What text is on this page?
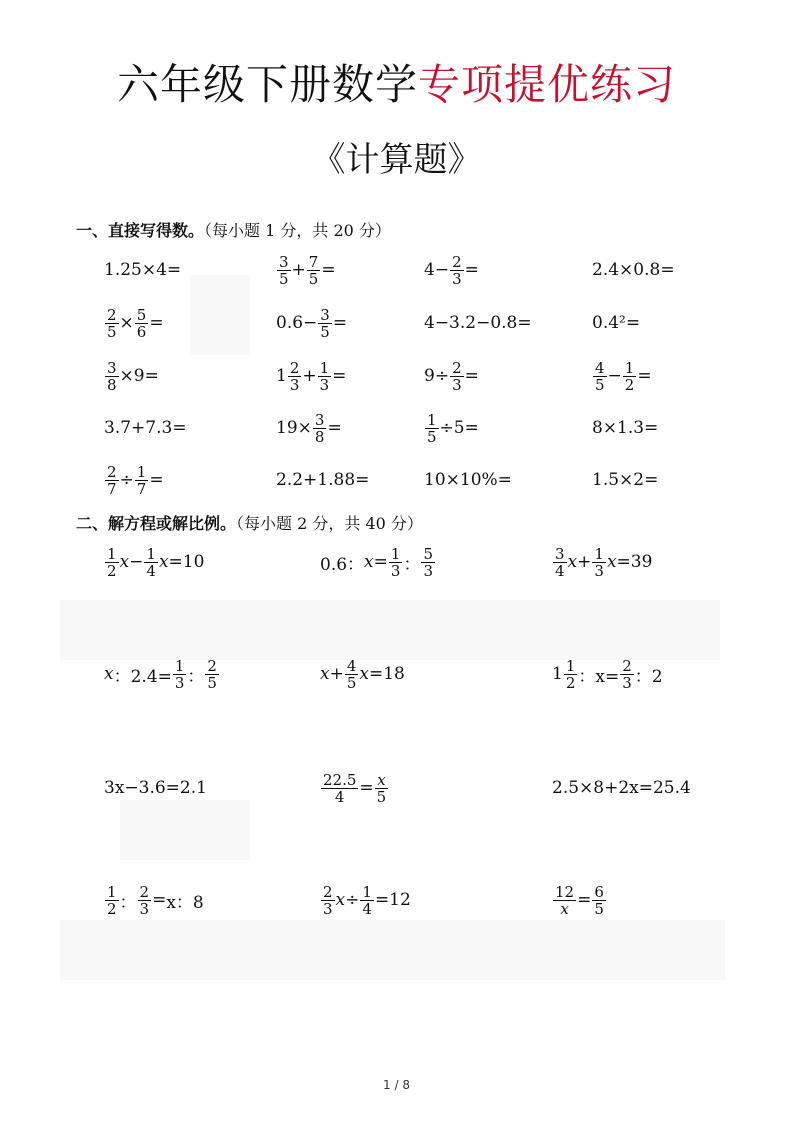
六年级下册数学专项提优练习
《计算题》
一、直接写得数。（每小题 1 分，共 20 分）
1.25×4=	$\frac{3}{5} + \frac{7}{5}$ =	$4- \frac{2}{3}$ =	2.4×0.8=
$\frac{2}{5} \times \frac{5}{6}$ =	$0.6- \frac{3}{5}$ =	4−3.2−0.8=	0.4²=
$\frac{3}{8} \times 9=$	$1 \frac{2}{3} + \frac{1}{3}$ =	$9\div \frac{2}{3}$ =	$\frac{4}{5} - \frac{1}{2}$ =
3.7+7.3=	$19\times \frac{3}{8}$ =	$\frac{1}{5} \div 5=$	8×1.3=
$\frac{2}{7} \div \frac{1}{7}$ =	2.2+1.88=	10×10%=	1.5×2=
二、解方程或解比例。（每小题 2 分，共 40 分）
$\frac{1}{2}$ $x - \frac{1}{4}$ x =10	0.6： $x = \frac{1}{3}$ ： $\frac{5}{3}$	$\frac{3}{4}$ $x + \frac{1}{3}$ x =39
x ：$2.4= \frac{1}{3}$ ： $\frac{2}{5}$	$x + \frac{4}{5}$ x =18	$1 \frac{1}{2}$ ：$x= \frac{2}{3}$ ：2
3x−3.6=2.1	$\frac{22.5}{4} = \frac{x}{5}$	2.5×8+2x=25.4
$\frac{1}{2}$ ： $\frac{2}{3} = x$：8	$\frac{2}{3}$ $x \div \frac{1}{4} =12$	$\frac{12}{x} = \frac{6}{5}$
1 / 8
